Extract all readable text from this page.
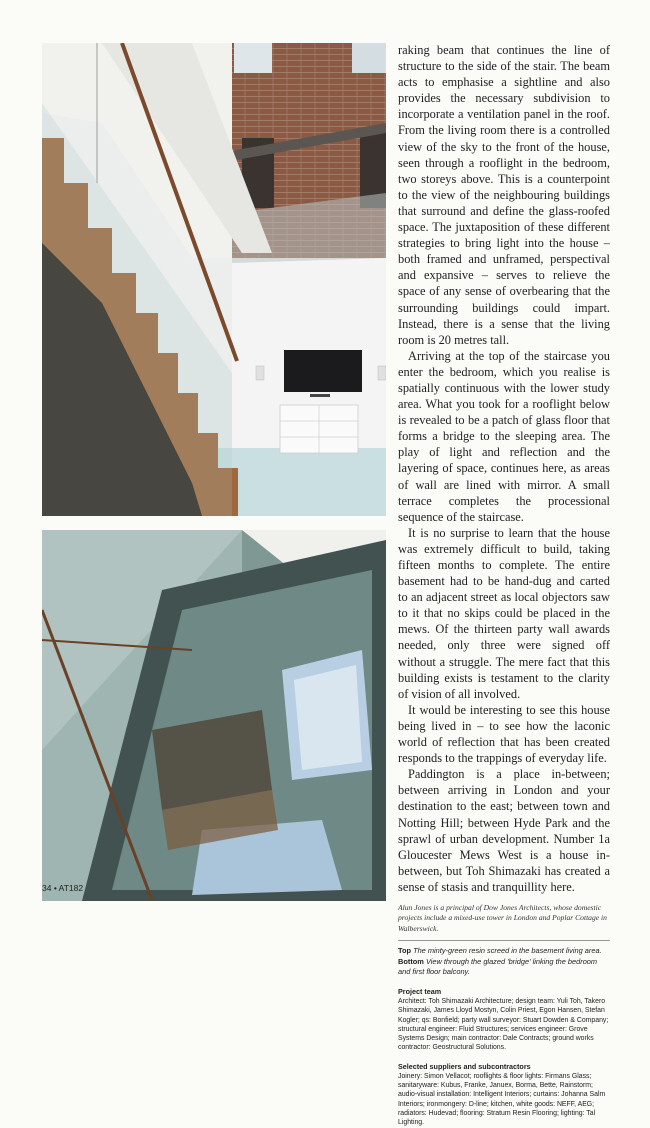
raking beam that continues the line of structure to the side of the stair. The beam acts to emphasise a sightline and also provides the necessary subdivision to incorporate a ventilation panel in the roof. From the living room there is a controlled view of the sky to the front of the house, seen through a rooflight in the bedroom, two storeys above. This is a counterpoint to the view of the neighbouring buildings that surround and define the glass-roofed space. The juxtaposition of these different strategies to bring light into the house – both framed and unframed, perspectival and expansive – serves to relieve the space of any sense of overbearing that the surrounding buildings could impart. Instead, there is a sense that the living room is 20 metres tall.

Arriving at the top of the staircase you enter the bedroom, which you realise is spatially continuous with the lower study area. What you took for a rooflight below is revealed to be a patch of glass floor that forms a bridge to the sleeping area. The play of light and reflection and the layering of space, continues here, as areas of wall are lined with mirror. A small terrace completes the processional sequence of the staircase.

It is no surprise to learn that the house was extremely difficult to build, taking fifteen months to complete. The entire basement had to be hand-dug and carted to an adjacent street as local objectors saw to it that no skips could be placed in the mews. Of the thirteen party wall awards needed, only three were signed off without a struggle. The mere fact that this building exists is testament to the clarity of vision of all involved.

It would be interesting to see this house being lived in – to see how the laconic world of reflection that has been created responds to the trappings of everyday life.

Paddington is a place in-between; between arriving in London and your destination to the east; between town and Notting Hill; between Hyde Park and the sprawl of urban development. Number 1a Gloucester Mews West is a house in-between, but Toh Shimazaki has created a sense of stasis and tranquillity here.

Alun Jones is a principal of Dow Jones Architects, whose domestic projects include a mixed-use tower in London and Poplar Cottage in Walberswick.
Top The minty-green resin screed in the basement living area.
Bottom View through the glazed 'bridge' linking the bedroom and first floor balcony.
Project team
Architect: Toh Shimazaki Architecture; design team: Yuli Toh, Takero Shimazaki, James Lloyd Mostyn, Colin Priest, Egon Hansen, Stefan Kogler; qs: Bonfield; party wall surveyor: Stuart Dowden & Company; structural engineer: Fluid Structures; services engineer: Grove Systems Design; main contractor: Dale Contracts; ground works contractor: Geostructural Solutions.
Selected suppliers and subcontractors
Joinery: Simon Vellacot; rooflights & floor lights: Firmans Glass; sanitaryware: Kubus, Franke, Januex, Borma, Bette, Rainstorm; audio-visual installation: Intelligent Interiors; curtains: Johanna Salm Interiors; ironmongery: D-line; kitchen, white goods: NEFF, AEG; radiators: Hudevad; flooring: Stratum Resin Flooring; lighting: Tal Lighting.
34 • AT182
